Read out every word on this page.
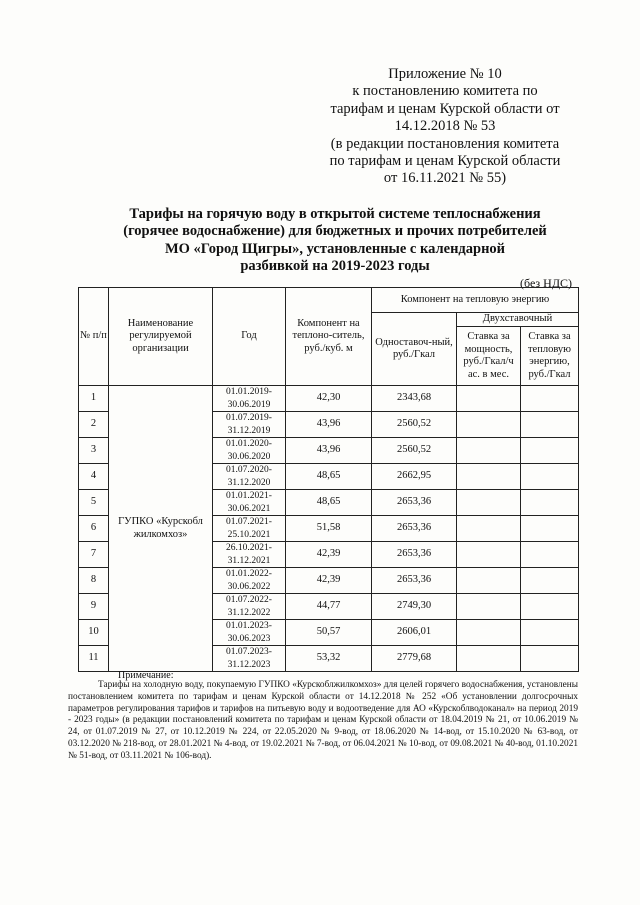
Приложение № 10
к постановлению комитета по
тарифам и ценам Курской области от
14.12.2018 № 53
(в редакции постановления комитета
по тарифам и ценам Курской области
от 16.11.2021 № 55)
Тарифы на горячую воду в открытой системе теплоснабжения
(горячее водоснабжение) для бюджетных и прочих потребителей
МО «Город Щигры», установленные с календарной
разбивкой на 2019-2023 годы
(без НДС)
№ п/п	Наименование регулируемой организации	Год	Компонент на теплоно-ситель, руб./куб. м	Компонент на тепловую энергию		
				Одноставоч-ный, руб./Гкал	Двухставочный	
					Ставка за мощность, руб./Гкал/ч ас. в мес.	Ставка за тепловую энергию, руб./Гкал
1	ГУПКО «Курскобл жилкомхоз»	01.01.2019-30.06.2019	42,30	2343,68		
2		01.07.2019-31.12.2019	43,96	2560,52		
3		01.01.2020-30.06.2020	43,96	2560,52		
4		01.07.2020-31.12.2020	48,65	2662,95		
5		01.01.2021-30.06.2021	48,65	2653,36		
6		01.07.2021-25.10.2021	51,58	2653,36		
7		26.10.2021-31.12.2021	42,39	2653,36		
8		01.01.2022-30.06.2022	42,39	2653,36		
9		01.07.2022-31.12.2022	44,77	2749,30		
10		01.01.2023-30.06.2023	50,57	2606,01		
11		01.07.2023-31.12.2023	53,32	2779,68		
Примечание:
Тарифы на холодную воду, покупаемую ГУПКО «Курскоблжилкомхоз» для целей горячего водоснабжения, установлены постановлением комитета по тарифам и ценам Курской области от 14.12.2018 № 252 «Об установлении долгосрочных параметров регулирования тарифов и тарифов на питьевую воду и водоотведение для АО «Курскоблводоканал» на период 2019 - 2023 годы» (в редакции постановлений комитета по тарифам и ценам Курской области от 18.04.2019 № 21, от 10.06.2019 № 24, от 01.07.2019 № 27, от 10.12.2019 № 224, от 22.05.2020 № 9-вод, от 18.06.2020 № 14-вод, от 15.10.2020 № 63-вод, от 03.12.2020 № 218-вод, от 28.01.2021 № 4-вод, от 19.02.2021 № 7-вод, от 06.04.2021 № 10-вод, от 09.08.2021 № 40-вод, 01.10.2021 № 51-вод, от 03.11.2021 № 106-вод).
